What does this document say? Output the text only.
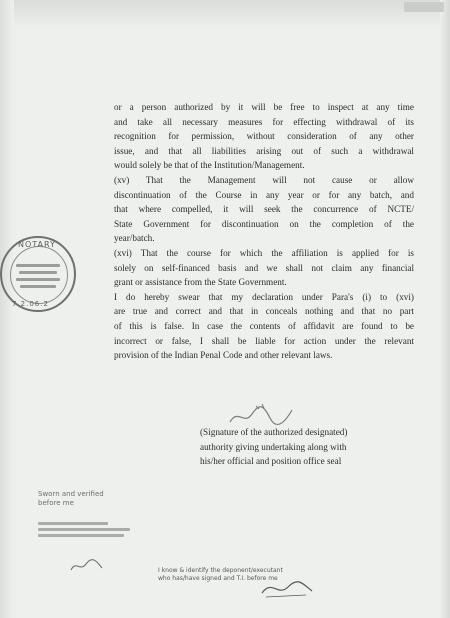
or a person authorized by it will be free to inspect at any time
and take all necessary measures for effecting withdrawal of its
recognition for permission, without consideration of any other
issue, and that all liabilities arising out of such a withdrawal
would solely be that of the Institution/Management.

(xv) That the Management will not cause or allow
discontinuation of the Course in any year or for any batch, and
that where compelled, it will seek the concurrence of NCTE/
State Government for discontinuation on the completion of the
year/batch.

(xvi) That the course for which the affiliation is applied for is
solely on self-financed basis and we shall not claim any financial
grant or assistance from the State Government.

I do hereby swear that my declaration under Para's (i) to (xvi)
are true and correct and that in conceals nothing and that no part
of this is false. In case the contents of affidavit are found to be
incorrect or false, I shall be liable for action under the relevant
provision of the Indian Penal Code and other relevant laws.

(Signature of the authorized designated)
authority giving undertaking along with
his/her official and position office seal
NOTARY
7.2.06.2
Sworn and verified
before me
I know & identify the deponent/executant
who has/have signed and T.I. before me
